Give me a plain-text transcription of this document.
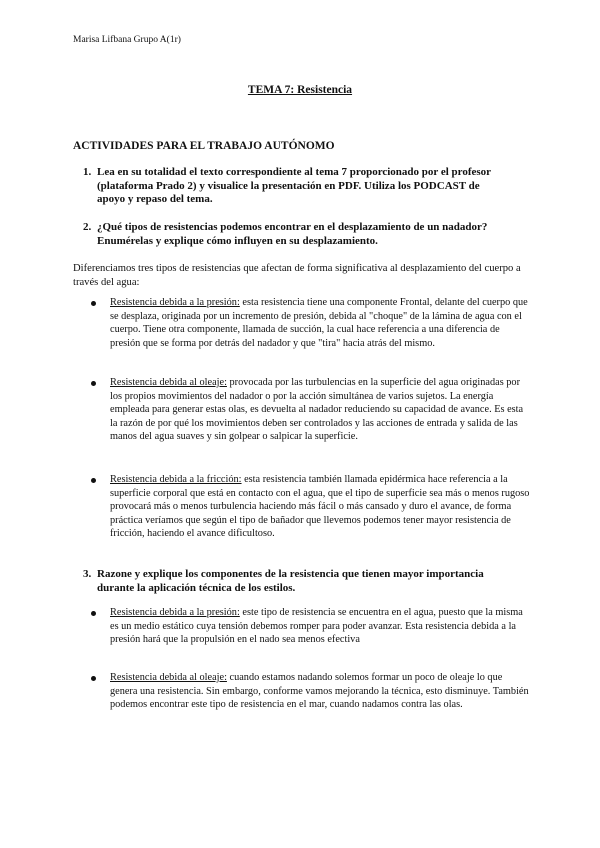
Marisa Lifbana Grupo A(1r)
TEMA 7: Resistencia
ACTIVIDADES PARA EL TRABAJO AUTÓNOMO
1. Lea en su totalidad el texto correspondiente al tema 7 proporcionado por el profesor (plataforma Prado 2) y visualice la presentación en PDF. Utiliza los PODCAST de apoyo y repaso del tema.
2. ¿Qué tipos de resistencias podemos encontrar en el desplazamiento de un nadador? Enumérelas y explique cómo influyen en su desplazamiento.
Diferenciamos tres tipos de resistencias que afectan de forma significativa al desplazamiento del cuerpo a través del agua:
Resistencia debida a la presión: esta resistencia tiene una componente Frontal, delante del cuerpo que se desplaza, originada por un incremento de presión, debida al "choque" de la lámina de agua con el cuerpo. Tiene otra componente, llamada de succión, la cual hace referencia a una diferencia de presión que se forma por detrás del nadador y que "tira" hacia atrás del mismo.
Resistencia debida al oleaje: provocada por las turbulencias en la superficie del agua originadas por los propios movimientos del nadador o por la acción simultánea de varios sujetos. La energía empleada para generar estas olas, es devuelta al nadador reduciendo su capacidad de avance. Es esta la razón de por qué los movimientos deben ser controlados y las acciones de entrada y salida de las manos del agua suaves y sin golpear o salpicar la superficie.
Resistencia debida a la fricción: esta resistencia también llamada epidérmica hace referencia a la superficie corporal que está en contacto con el agua, que el tipo de superficie sea más o menos rugoso provocará más o menos turbulencia haciendo más fácil o más cansado y duro el avance, de forma práctica veríamos que según el tipo de bañador que llevemos podemos tener mayor resistencia de fricción, haciendo el avance dificultoso.
3. Razone y explique los componentes de la resistencia que tienen mayor importancia durante la aplicación técnica de los estilos.
Resistencia debida a la presión: este tipo de resistencia se encuentra en el agua, puesto que la misma es un medio estático cuya tensión debemos romper para poder avanzar. Esta resistencia debida a la presión hará que la propulsión en el nado sea menos efectiva
Resistencia debida al oleaje: cuando estamos nadando solemos formar un poco de oleaje lo que genera una resistencia. Sin embargo, conforme vamos mejorando la técnica, esto disminuye. También podemos encontrar este tipo de resistencia en el mar, cuando nadamos contra las olas.
